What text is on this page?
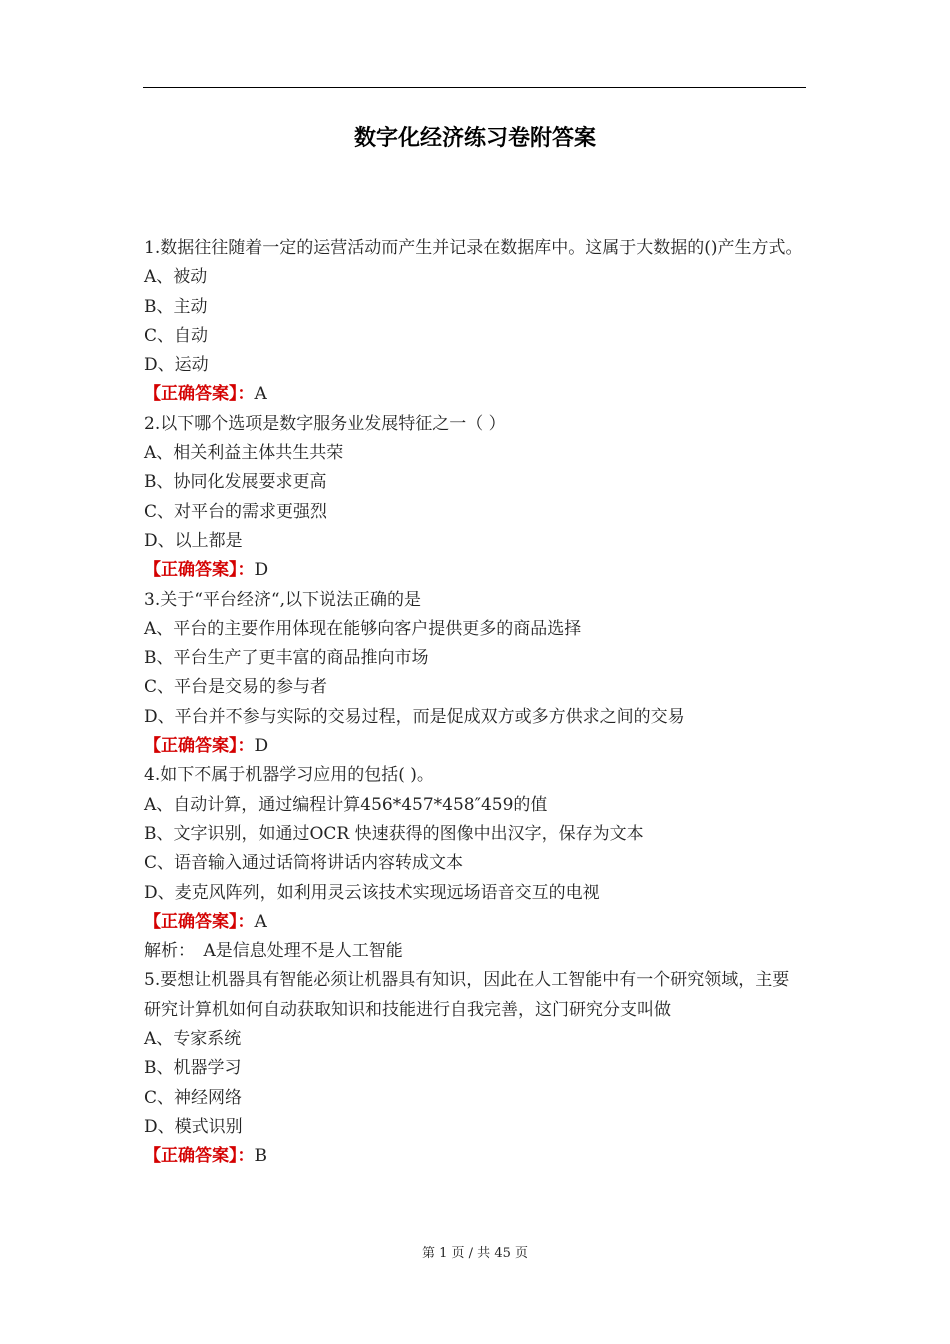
数字化经济练习卷附答案
1.数据往往随着一定的运营活动而产生并记录在数据库中。这属于大数据的()产生方式。
A、被动
B、主动
C、自动
D、运动
【正确答案】：A
2.以下哪个选项是数字服务业发展特征之一（ ）
A、相关利益主体共生共荣
B、协同化发展要求更高
C、对平台的需求更强烈
D、以上都是
【正确答案】：D
3.关于“平台经济“,以下说法正确的是
A、平台的主要作用体现在能够向客户提供更多的商品选择
B、平台生产了更丰富的商品推向市场
C、平台是交易的参与者
D、平台并不参与实际的交易过程，而是促成双方或多方供求之间的交易
【正确答案】：D
4.如下不属于机器学习应用的包括( )。
A、自动计算，通过编程计算456*457*458″459的值
B、文字识别，如通过OCR 快速获得的图像中出汉字，保存为文本
C、语音输入通过话筒将讲话内容转成文本
D、麦克风阵列，如利用灵云该技术实现远场语音交互的电视
【正确答案】：A
解析：　A是信息处理不是人工智能
5.要想让机器具有智能必须让机器具有知识，因此在人工智能中有一个研究领域，主要研究计算机如何自动获取知识和技能进行自我完善，这门研究分支叫做
A、专家系统
B、机器学习
C、神经网络
D、模式识别
【正确答案】：B
第 1 页 / 共 45 页
